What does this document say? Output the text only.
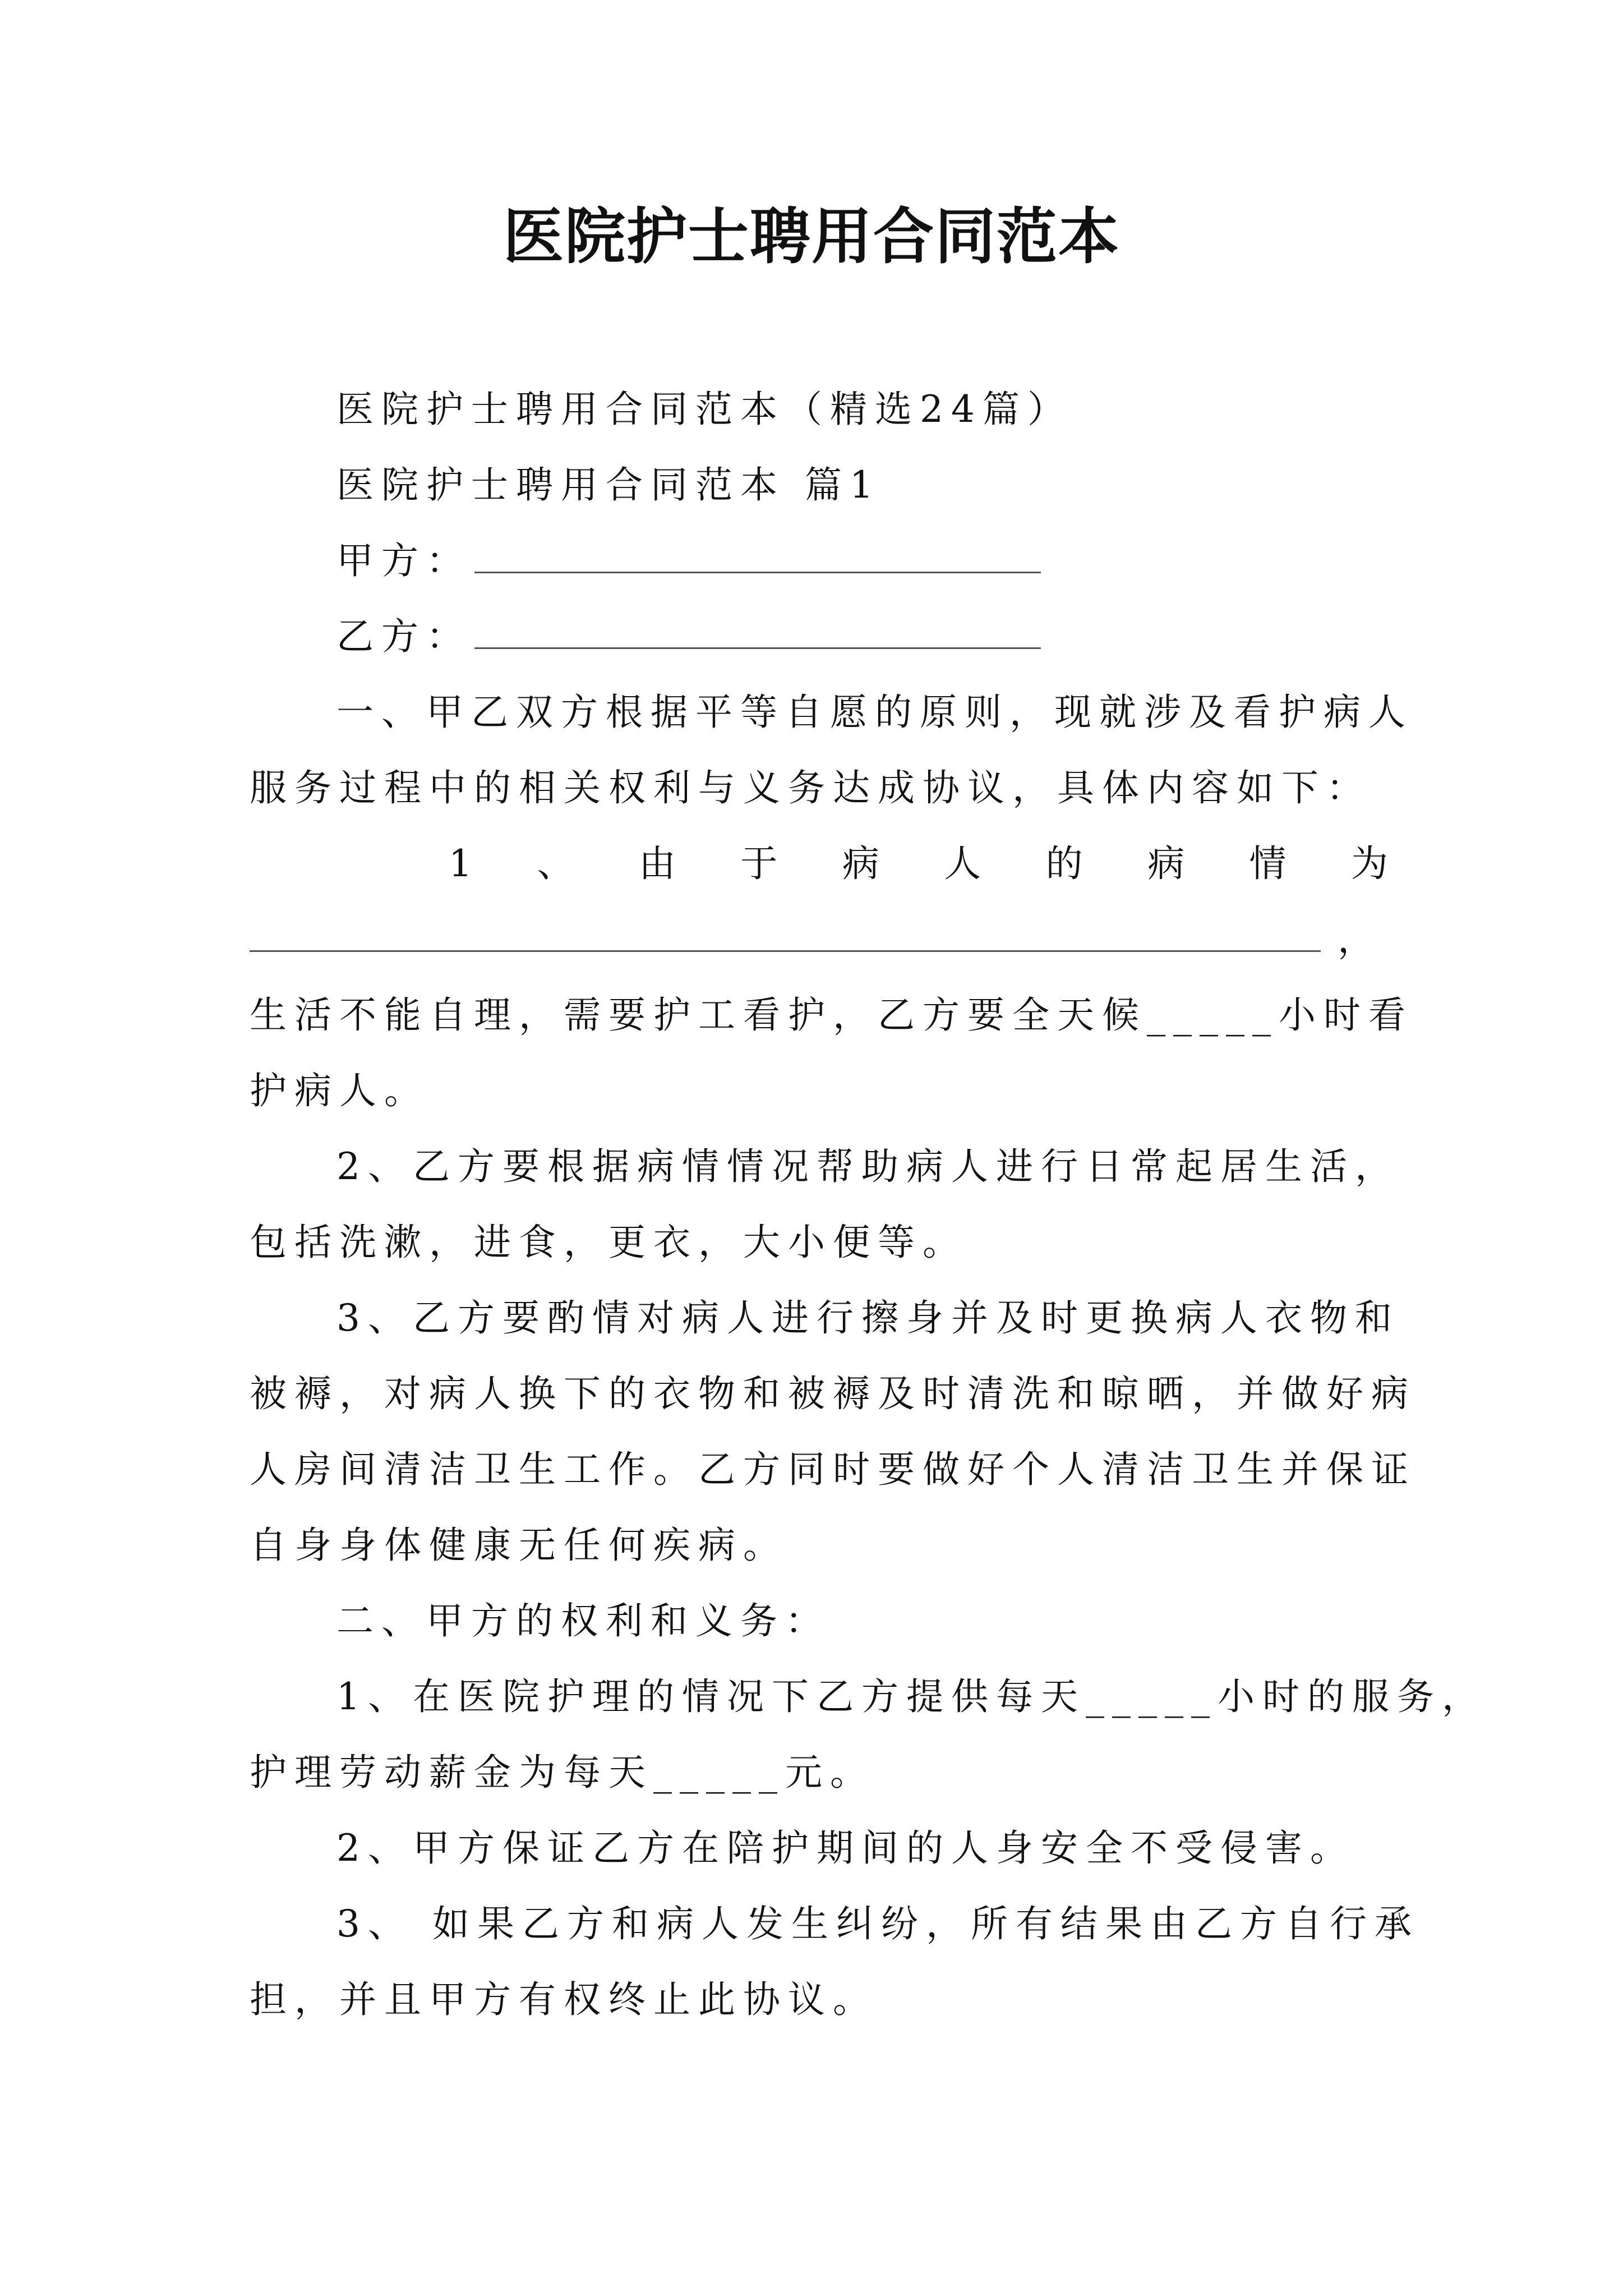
医院护士聘用合同范本
医院护士聘用合同范本（精选24篇）
医院护士聘用合同范本 篇1
甲方：
乙方：
一、甲乙双方根据平等自愿的原则，现就涉及看护病人
服务过程中的相关权利与义务达成协议，具体内容如下：
1 、 由 于 病 人 的 病 情 为
，
生活不能自理，需要护工看护，乙方要全天候_____小时看
护病人。
2、乙方要根据病情情况帮助病人进行日常起居生活，
包括洗漱，进食，更衣，大小便等。
3、乙方要酌情对病人进行擦身并及时更换病人衣物和
被褥，对病人换下的衣物和被褥及时清洗和晾晒，并做好病
人房间清洁卫生工作。乙方同时要做好个人清洁卫生并保证
自身身体健康无任何疾病。
二、甲方的权利和义务：
1、在医院护理的情况下乙方提供每天_____小时的服务，
护理劳动薪金为每天_____元。
2、甲方保证乙方在陪护期间的人身安全不受侵害。
3、 如果乙方和病人发生纠纷，所有结果由乙方自行承
担，并且甲方有权终止此协议。
